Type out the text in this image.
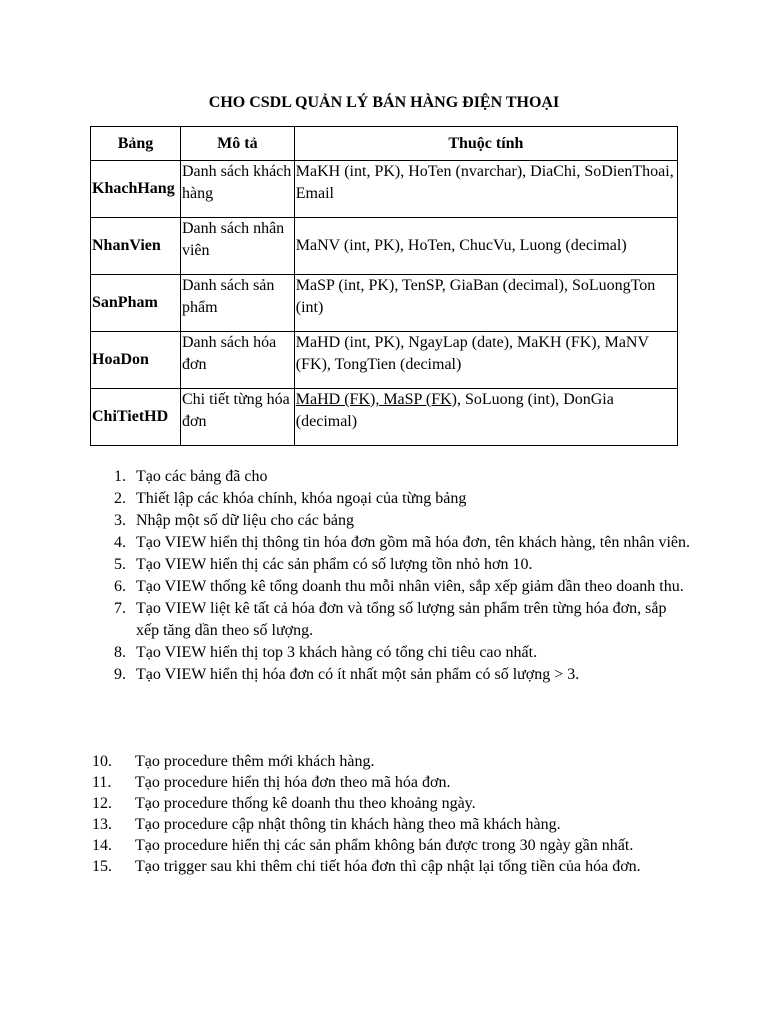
CHO CSDL QUẢN LÝ BÁN HÀNG ĐIỆN THOẠI
Bảng	Mô tả	Thuộc tính
KhachHang	Danh sách khách hàng	MaKH (int, PK), HoTen (nvarchar), DiaChi, SoDienThoai, Email
NhanVien	Danh sách nhân viên	MaNV (int, PK), HoTen, ChucVu, Luong (decimal)
SanPham	Danh sách sản phẩm	MaSP (int, PK), TenSP, GiaBan (decimal), SoLuongTon (int)
HoaDon	Danh sách hóa đơn	MaHD (int, PK), NgayLap (date), MaKH (FK), MaNV (FK), TongTien (decimal)
ChiTietHD	Chi tiết từng hóa đơn	MaHD (FK), MaSP (FK), SoLuong (int), DonGia (decimal)
1. Tạo các bảng đã cho
2. Thiết lập các khóa chính, khóa ngoại của từng bảng
3. Nhập một số dữ liệu cho các bảng
4. Tạo VIEW hiển thị thông tin hóa đơn gồm mã hóa đơn, tên khách hàng, tên nhân viên.
5. Tạo VIEW hiển thị các sản phẩm có số lượng tồn nhỏ hơn 10.
6. Tạo VIEW thống kê tổng doanh thu mỗi nhân viên, sắp xếp giảm dần theo doanh thu.
7. Tạo VIEW liệt kê tất cả hóa đơn và tổng số lượng sản phẩm trên từng hóa đơn, sắp xếp tăng dần theo số lượng.
8. Tạo VIEW hiển thị top 3 khách hàng có tổng chi tiêu cao nhất.
9. Tạo VIEW hiển thị hóa đơn có ít nhất một sản phẩm có số lượng > 3.
10.	Tạo procedure thêm mới khách hàng.
11.	Tạo procedure hiển thị hóa đơn theo mã hóa đơn.
12.	Tạo procedure thống kê doanh thu theo khoảng ngày.
13.	Tạo procedure cập nhật thông tin khách hàng theo mã khách hàng.
14.	Tạo procedure hiển thị các sản phẩm không bán được trong 30 ngày gần nhất.
15.	Tạo trigger sau khi thêm chi tiết hóa đơn thì cập nhật lại tổng tiền của hóa đơn.
